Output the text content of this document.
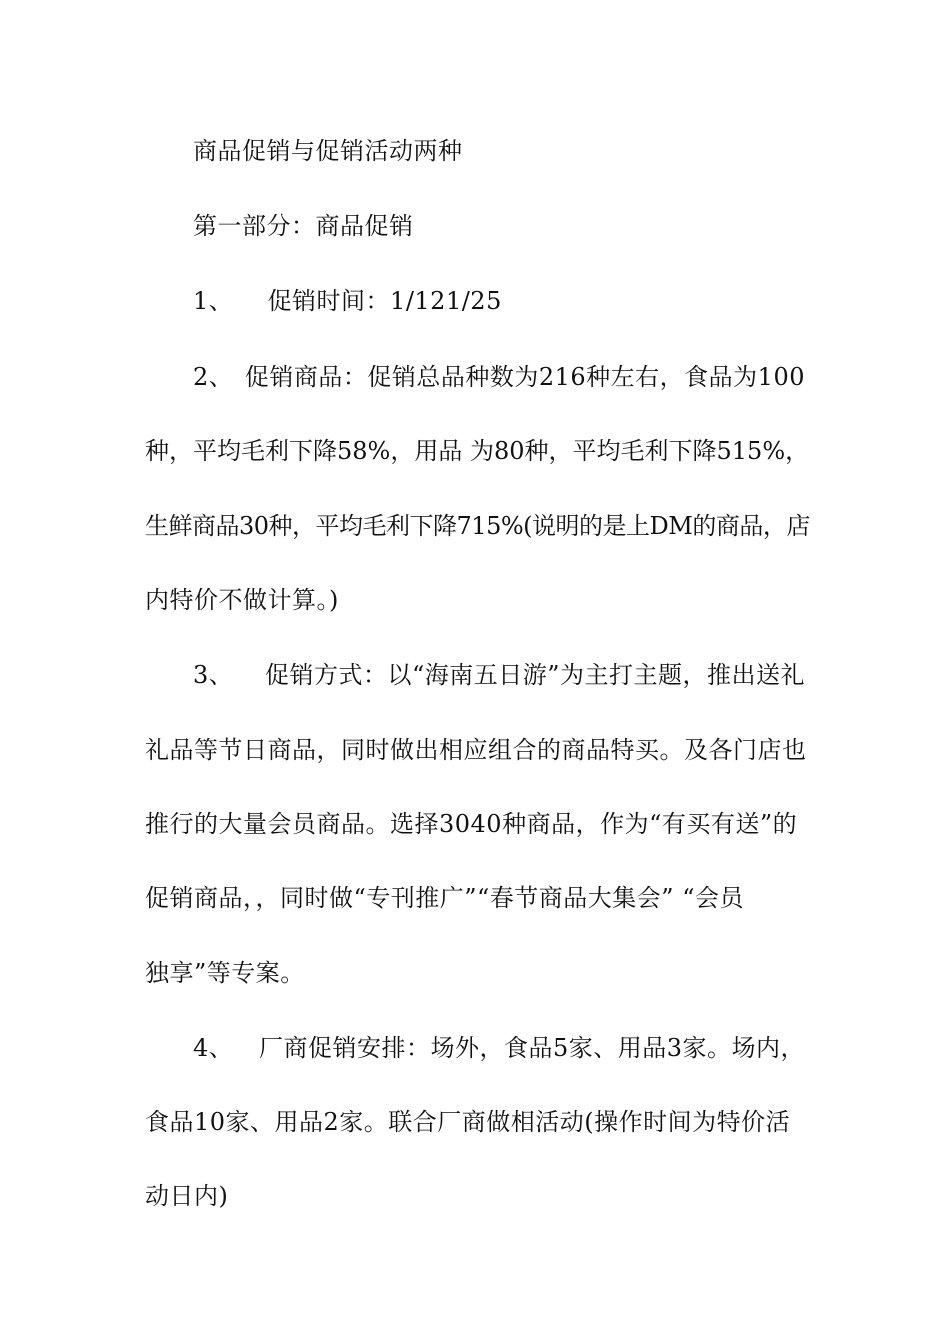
商品促销与促销活动两种
第一部分：商品促销
1、 促销时间：1/121/25
2、 促销商品：促销总品种数为216种左右，食品为100
种，平均毛利下降58%，用品 为80种，平均毛利下降515%，
生鲜商品30种，平均毛利下降715%(说明的是上DM的商品，店
内特价不做计算。)
3、 促销方式：以“海南五日游”为主打主题，推出送礼
礼品等节日商品，同时做出相应组合的商品特买。及各门店也
推行的大量会员商品。选择3040种商品，作为“有买有送”的
促销商品，，同时做“专刊推广”“春节商品大集会” “会员
独享”等专案。
4、 厂商促销安排：场外，食品5家、用品3家。场内，
食品10家、用品2家。联合厂商做相活动(操作时间为特价活
动日内)
